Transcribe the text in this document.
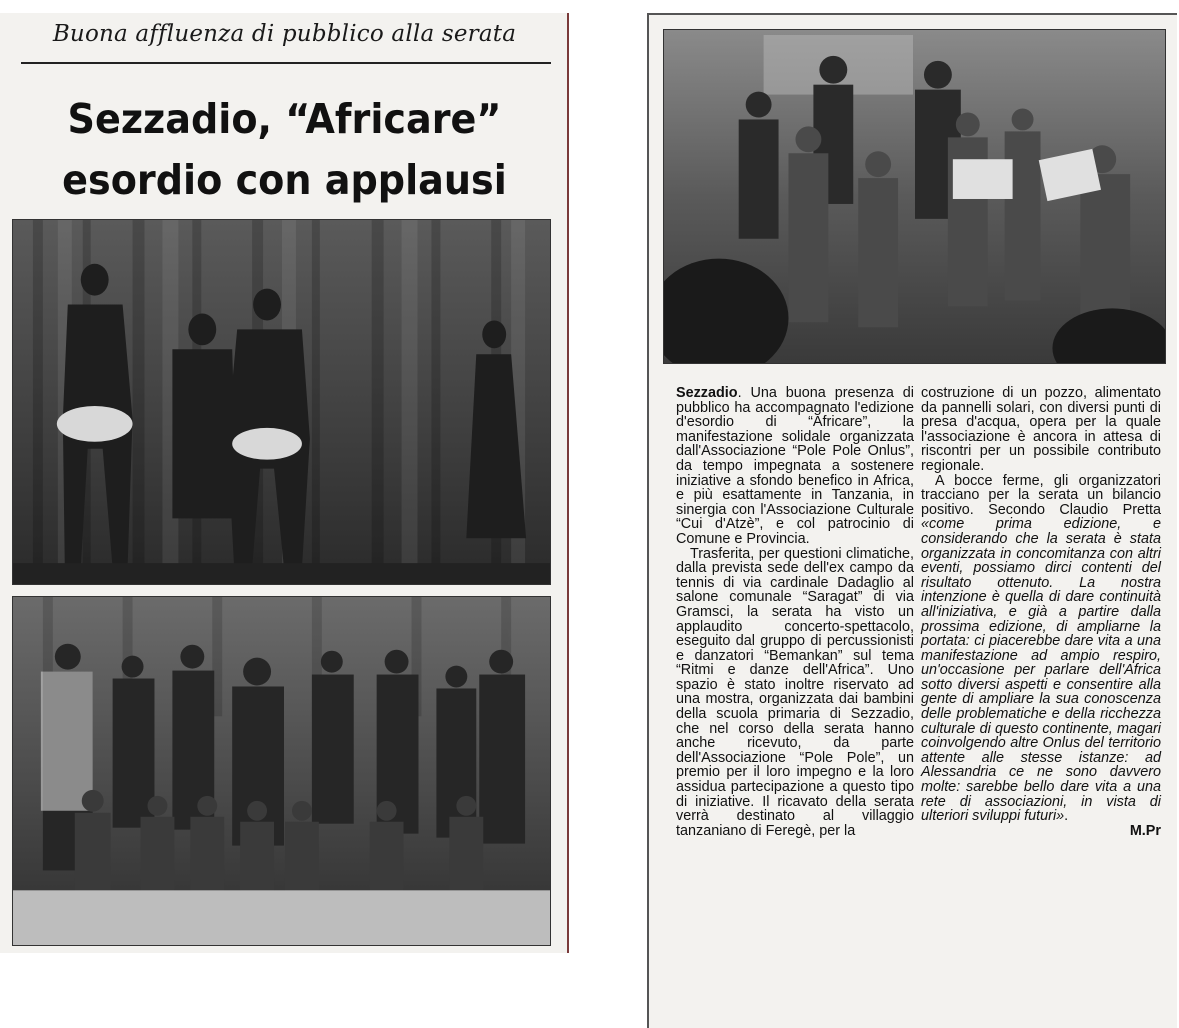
Buona affluenza di pubblico alla serata
Sezzadio, “Africare”
esordio con applausi

Sezzadio. Una buona presenza di pubblico ha accompagnato l'edizione d'esordio di “Africare”, la manifestazione solidale organizzata dall'Associazione “Pole Pole Onlus”, da tempo impegnata a sostenere iniziative a sfondo benefico in Africa, e più esattamente in Tanzania, in sinergia con l'Associazione Culturale “Cui d'Atzè”, e col patrocinio di Comune e Provincia.

Trasferita, per questioni climatiche, dalla prevista sede dell'ex campo da tennis di via cardinale Dadaglio al salone comunale “Saragat” di via Gramsci, la serata ha visto un applaudito concerto-spettacolo, eseguito dal gruppo di percussionisti e danzatori “Bemankan” sul tema “Ritmi e danze dell'Africa”. Uno spazio è stato inoltre riservato ad una mostra, organizzata dai bambini della scuola primaria di Sezzadio, che nel corso della serata hanno anche ricevuto, da parte dell'Associazione “Pole Pole”, un premio per il loro impegno e la loro assidua partecipazione a questo tipo di iniziative. Il ricavato della serata verrà destinato al villaggio tanzaniano di Feregè, per la

costruzione di un pozzo, alimentato da pannelli solari, con diversi punti di presa d'acqua, opera per la quale l'associazione è ancora in attesa di riscontri per un possibile contributo regionale.

A bocce ferme, gli organizzatori tracciano per la serata un bilancio positivo. Secondo Claudio Pretta «come prima edizione, e considerando che la serata è stata organizzata in concomitanza con altri eventi, possiamo dirci contenti del risultato ottenuto. La nostra intenzione è quella di dare continuità all'iniziativa, e già a partire dalla prossima edizione, di ampliarne la portata: ci piacerebbe dare vita a una manifestazione ad ampio respiro, un'occasione per parlare dell'Africa sotto diversi aspetti e consentire alla gente di ampliare la sua conoscenza delle problematiche e della ricchezza culturale di questo continente, magari coinvolgendo altre Onlus del territorio attente alle stesse istanze: ad Alessandria ce ne sono davvero molte: sarebbe bello dare vita a una rete di associazioni, in vista di ulteriori sviluppi futuri».

M.Pr
